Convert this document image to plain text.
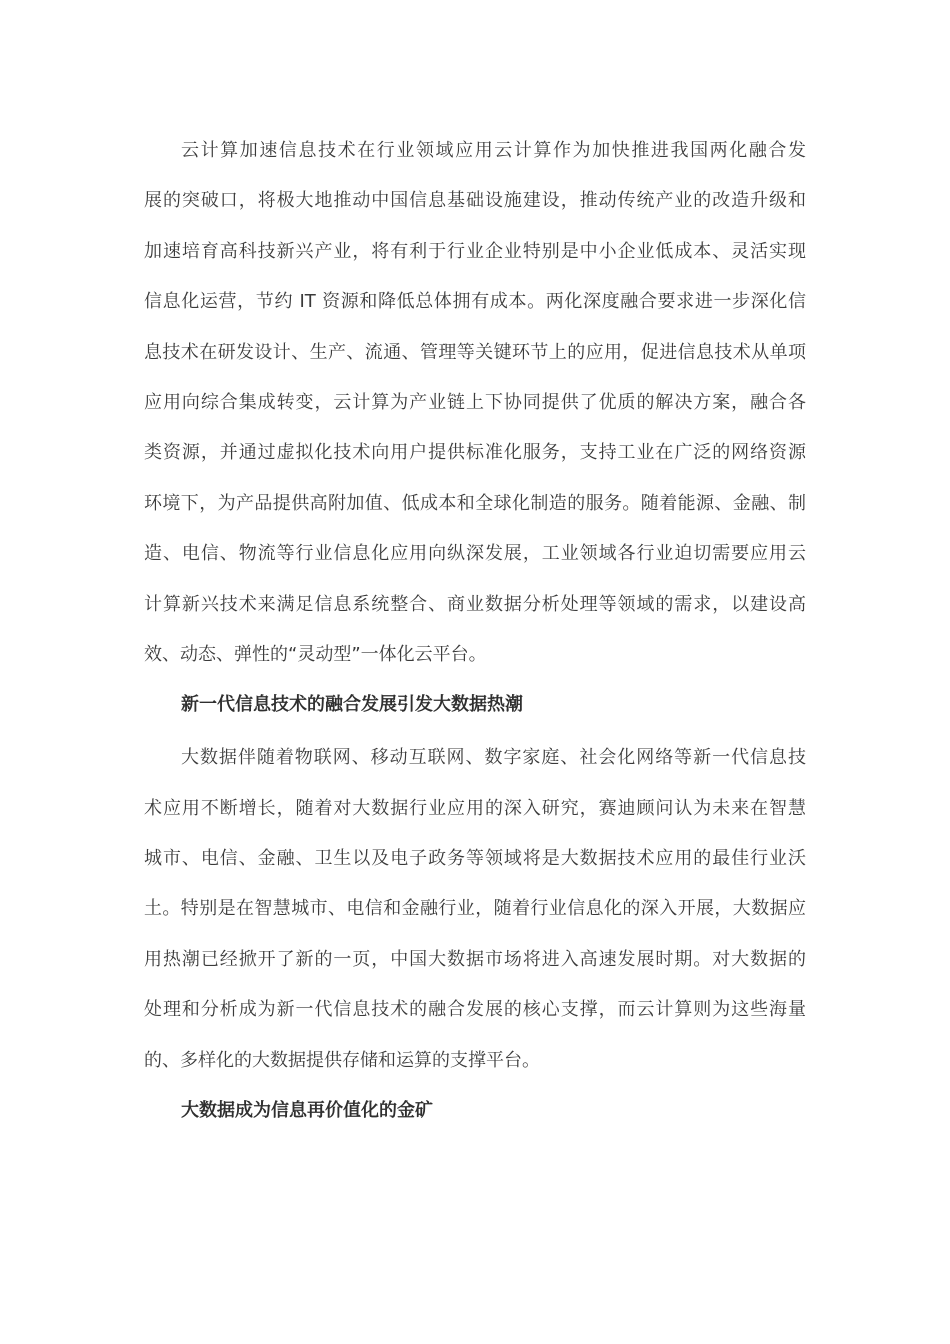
云计算加速信息技术在行业领域应用云计算作为加快推进我国两化融合发
展的突破口，将极大地推动中国信息基础设施建设，推动传统产业的改造升级和
加速培育高科技新兴产业，将有利于行业企业特别是中小企业低成本、灵活实现
信息化运营，节约 IT 资源和降低总体拥有成本。两化深度融合要求进一步深化信
息技术在研发设计、生产、流通、管理等关键环节上的应用，促进信息技术从单项
应用向综合集成转变，云计算为产业链上下协同提供了优质的解决方案，融合各
类资源，并通过虚拟化技术向用户提供标准化服务，支持工业在广泛的网络资源
环境下，为产品提供高附加值、低成本和全球化制造的服务。随着能源、金融、制
造、电信、物流等行业信息化应用向纵深发展，工业领域各行业迫切需要应用云
计算新兴技术来满足信息系统整合、商业数据分析处理等领域的需求，以建设高
效、动态、弹性的“灵动型”一体化云平台。
新一代信息技术的融合发展引发大数据热潮
大数据伴随着物联网、移动互联网、数字家庭、社会化网络等新一代信息技
术应用不断增长，随着对大数据行业应用的深入研究，赛迪顾问认为未来在智慧
城市、电信、金融、卫生以及电子政务等领域将是大数据技术应用的最佳行业沃
土。特别是在智慧城市、电信和金融行业，随着行业信息化的深入开展，大数据应
用热潮已经掀开了新的一页，中国大数据市场将进入高速发展时期。对大数据的
处理和分析成为新一代信息技术的融合发展的核心支撑，而云计算则为这些海量
的、多样化的大数据提供存储和运算的支撑平台。
大数据成为信息再价值化的金矿
